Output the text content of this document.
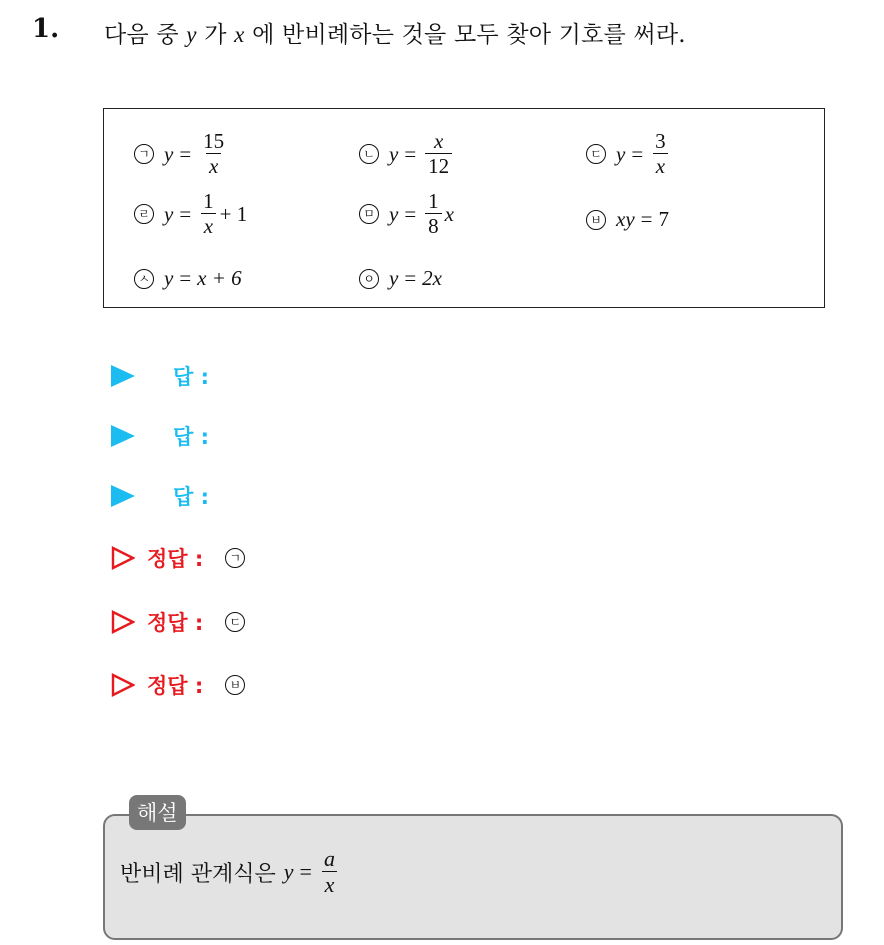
1. 다음 중 y 가 x 에 반비례하는 것을 모두 찾아 기호를 써라.
ㄱ $y = \frac{15}{x}$	ㄴ $y = \frac{x}{12}$	ㄷ $y = \frac{3}{x}$
ㄹ $y = \frac{1}{x} + 1$	ㅁ $y = \frac{1}{8}$ x	ㅂ xy = 7
ㅅ y = x + 6	ㅇ y = 2x
답 :
답 :
답 :
정답 :	ㄱ
정답 :	ㄷ
정답 :	ㅂ
해설
반비례 관계식은 $y = \frac{a}{x}$
